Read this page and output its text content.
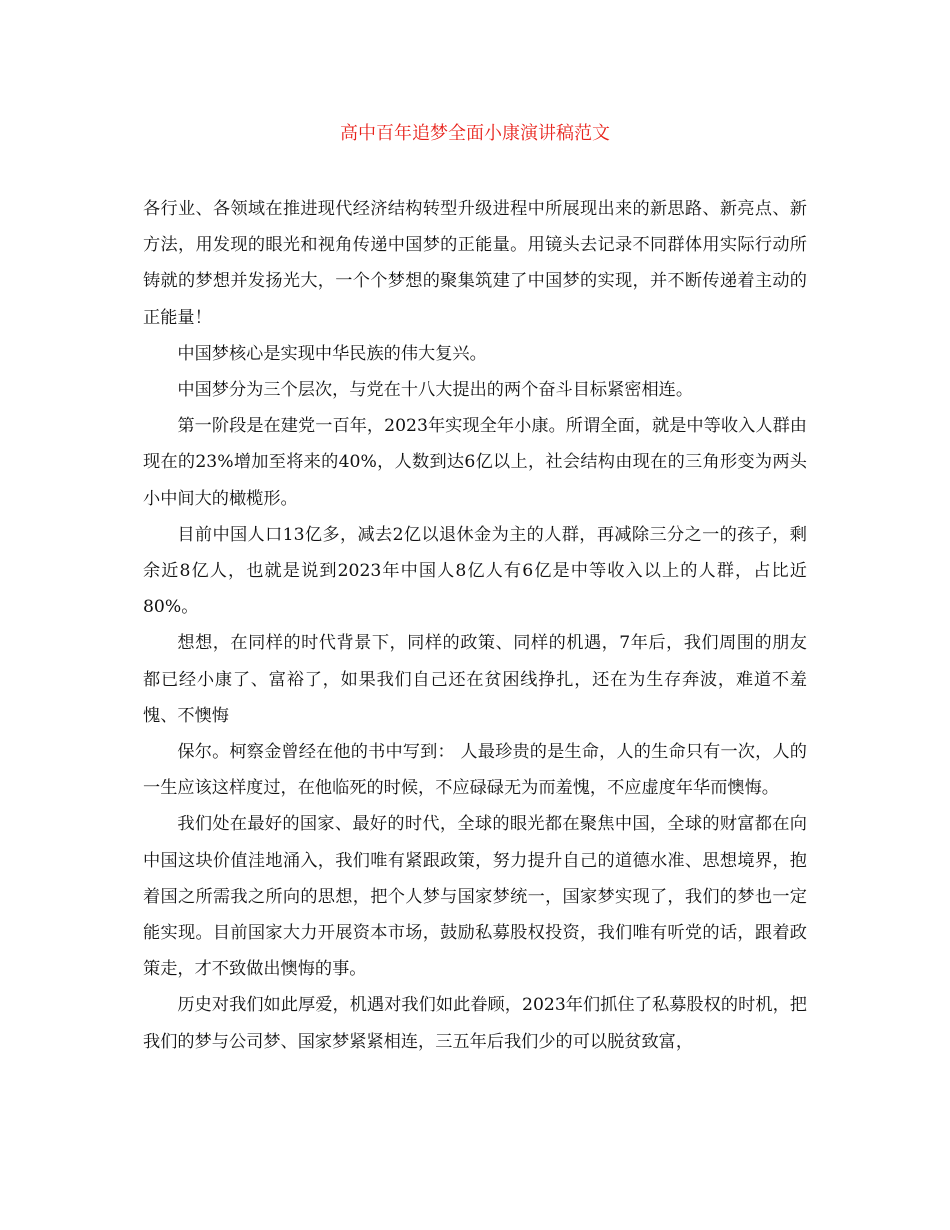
高中百年追梦全面小康演讲稿范文

各行业、各领域在推进现代经济结构转型升级进程中所展现出来的新思路、新亮点、新方法，用发现的眼光和视角传递中国梦的正能量。用镜头去记录不同群体用实际行动所铸就的梦想并发扬光大，一个个梦想的聚集筑建了中国梦的实现，并不断传递着主动的正能量！

中国梦核心是实现中华民族的伟大复兴。

中国梦分为三个层次，与党在十八大提出的两个奋斗目标紧密相连。

第一阶段是在建党一百年，2023年实现全年小康。所谓全面，就是中等收入人群由现在的23%增加至将来的40%，人数到达6亿以上，社会结构由现在的三角形变为两头小中间大的橄榄形。

目前中国人口13亿多，减去2亿以退休金为主的人群，再减除三分之一的孩子，剩余近8亿人，也就是说到2023年中国人8亿人有6亿是中等收入以上的人群，占比近80%。

想想，在同样的时代背景下，同样的政策、同样的机遇，7年后，我们周围的朋友都已经小康了、富裕了，如果我们自己还在贫困线挣扎，还在为生存奔波，难道不羞愧、不懊悔

保尔。柯察金曾经在他的书中写到： 人最珍贵的是生命，人的生命只有一次，人的一生应该这样度过，在他临死的时候，不应碌碌无为而羞愧，不应虚度年华而懊悔。

我们处在最好的国家、最好的时代，全球的眼光都在聚焦中国，全球的财富都在向中国这块价值洼地涌入，我们唯有紧跟政策，努力提升自己的道德水准、思想境界，抱着国之所需我之所向的思想，把个人梦与国家梦统一，国家梦实现了，我们的梦也一定能实现。目前国家大力开展资本市场，鼓励私募股权投资，我们唯有听党的话，跟着政策走，才不致做出懊悔的事。

历史对我们如此厚爱，机遇对我们如此眷顾，2023年们抓住了私募股权的时机，把我们的梦与公司梦、国家梦紧紧相连，三五年后我们少的可以脱贫致富，
